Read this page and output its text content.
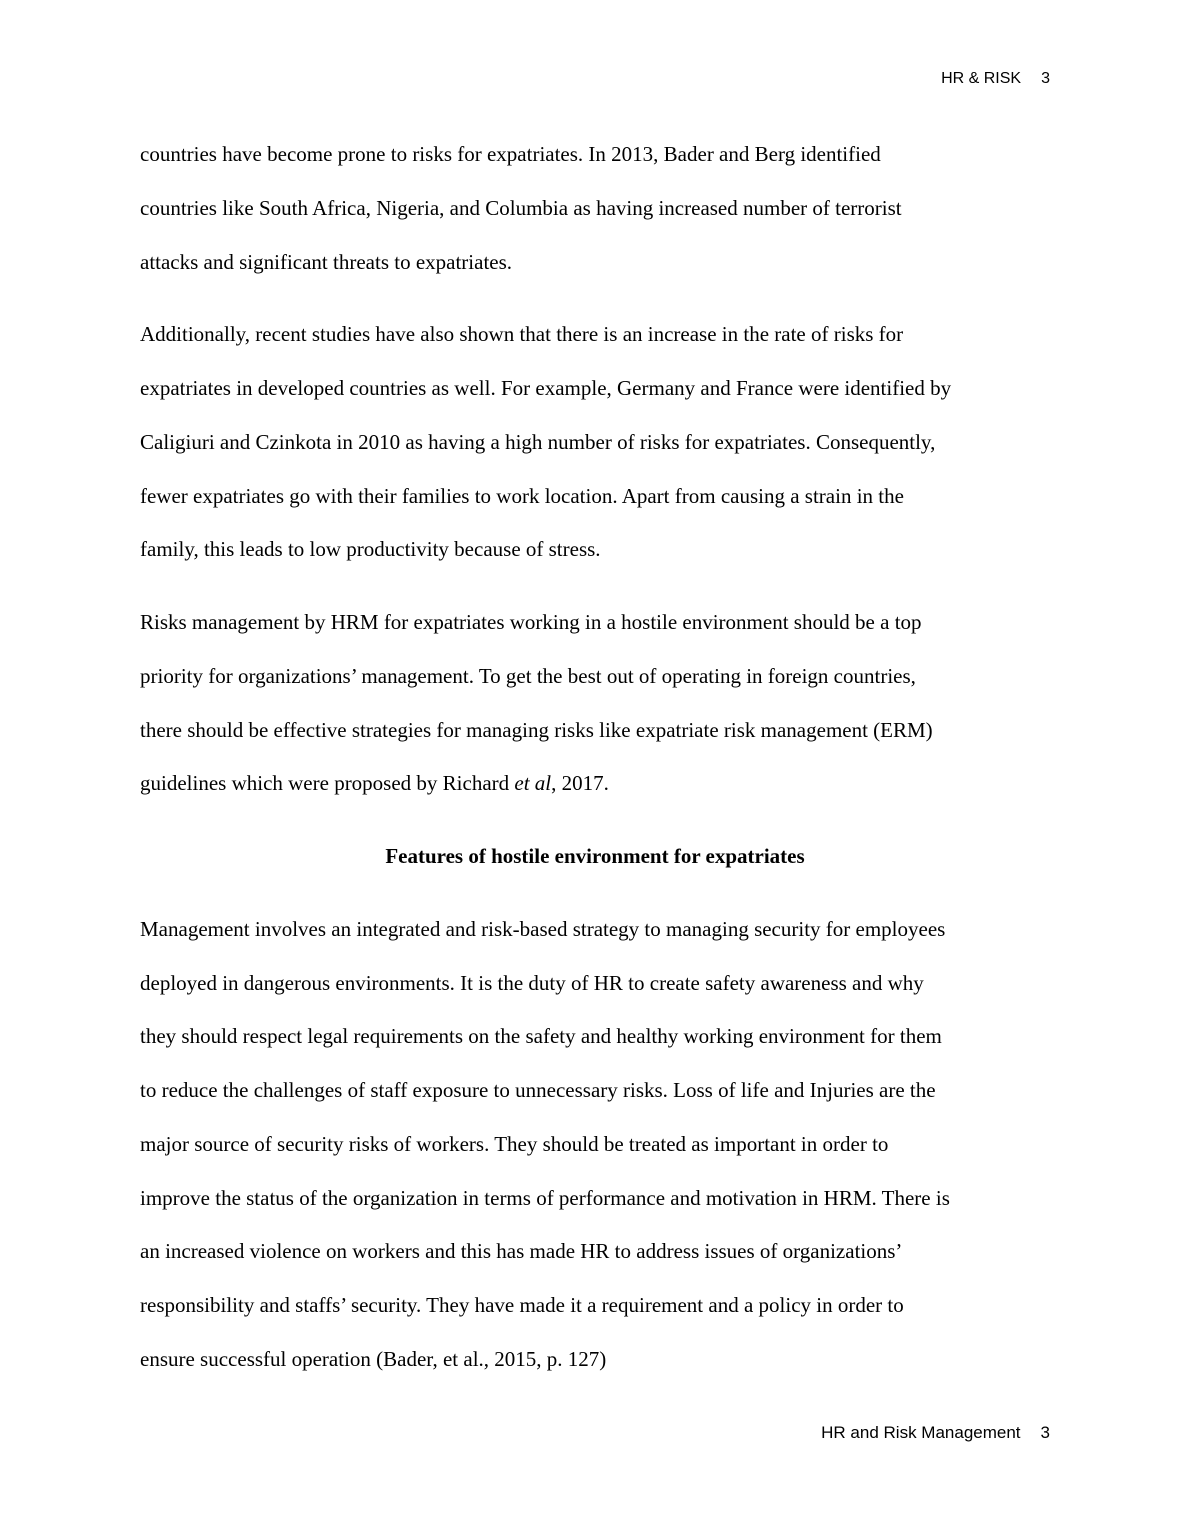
HR & RISK 3
countries have become prone to risks for expatriates. In 2013, Bader and Berg identified
countries like South Africa, Nigeria, and Columbia as having increased number of terrorist
attacks and significant threats to expatriates.
Additionally, recent studies have also shown that there is an increase in the rate of risks for
expatriates in developed countries as well. For example, Germany and France were identified by
Caligiuri and Czinkota in 2010 as having a high number of risks for expatriates. Consequently,
fewer expatriates go with their families to work location. Apart from causing a strain in the
family, this leads to low productivity because of stress.
Risks management by HRM for expatriates working in a hostile environment should be a top
priority for organizations’ management. To get the best out of operating in foreign countries,
there should be effective strategies for managing risks like expatriate risk management (ERM)
guidelines which were proposed by Richard et al, 2017.
Features of hostile environment for expatriates
Management involves an integrated and risk-based strategy to managing security for employees
deployed in dangerous environments. It is the duty of HR to create safety awareness and why
they should respect legal requirements on the safety and healthy working environment for them
to reduce the challenges of staff exposure to unnecessary risks. Loss of life and Injuries are the
major source of security risks of workers. They should be treated as important in order to
improve the status of the organization in terms of performance and motivation in HRM. There is
an increased violence on workers and this has made HR to address issues of organizations’
responsibility and staffs’ security. They have made it a requirement and a policy in order to
ensure successful operation (Bader, et al., 2015, p. 127)
HR and Risk Management 3
